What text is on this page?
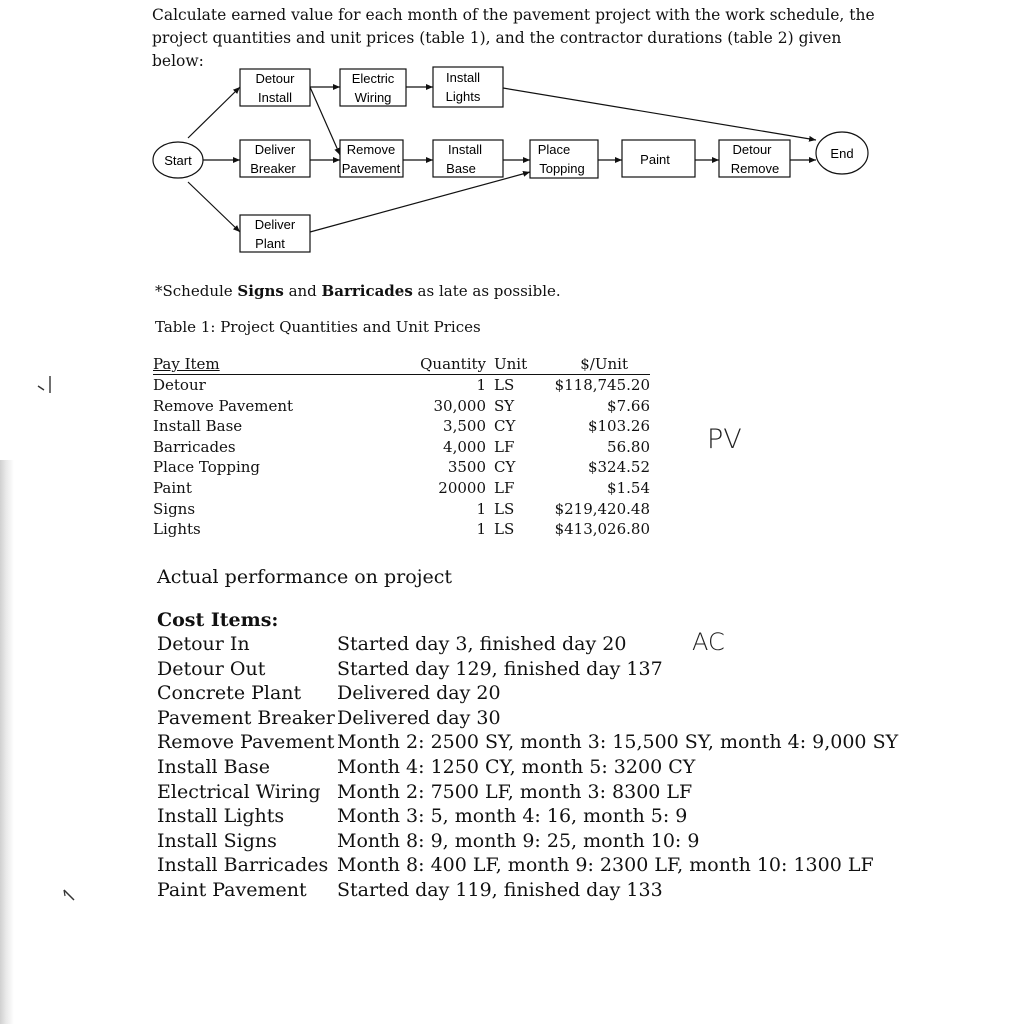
Calculate earned value for each month of the pavement project with the work schedule, the project quantities and unit prices (table 1), and the contractor durations (table 2) given below:
Start	End
Detour
Install
Electric
Wiring
Install
Lights
Deliver
Breaker
Remove
Pavement
Install
Base
Place
Topping
Paint
Detour
Remove
Deliver
Plant
*Schedule Signs and Barricades as late as possible.
Table 1: Project Quantities and Unit Prices
Pay Item	Quantity	Unit	$/Unit
Detour	1	LS	$118,745.20
Remove Pavement	30,000	SY	$7.66
Install Base	3,500	CY	$103.26
Barricades	4,000	LF	56.80
Place Topping	3500	CY	$324.52
Paint	20000	LF	$1.54
Signs	1	LS	$219,420.48
Lights	1	LS	$413,026.80
PV
AC
Actual performance on project
Cost Items:
Detour In	Started day 3, finished day 20
Detour Out	Started day 129, finished day 137
Concrete Plant Delivered day 20
Pavement Breaker Delivered day 30
Remove Pavement Month 2: 2500 SY, month 3: 15,500 SY, month 4: 9,000 SY
Install Base	Month 4: 1250 CY, month 5: 3200 CY
Electrical Wiring Month 2: 7500 LF, month 3: 8300 LF
Install Lights	Month 3: 5, month 4: 16, month 5: 9
Install Signs	Month 8: 9, month 9: 25, month 10: 9
Install Barricades Month 8: 400 LF, month 9: 2300 LF, month 10: 1300 LF
Paint Pavement Started day 119, finished day 133
